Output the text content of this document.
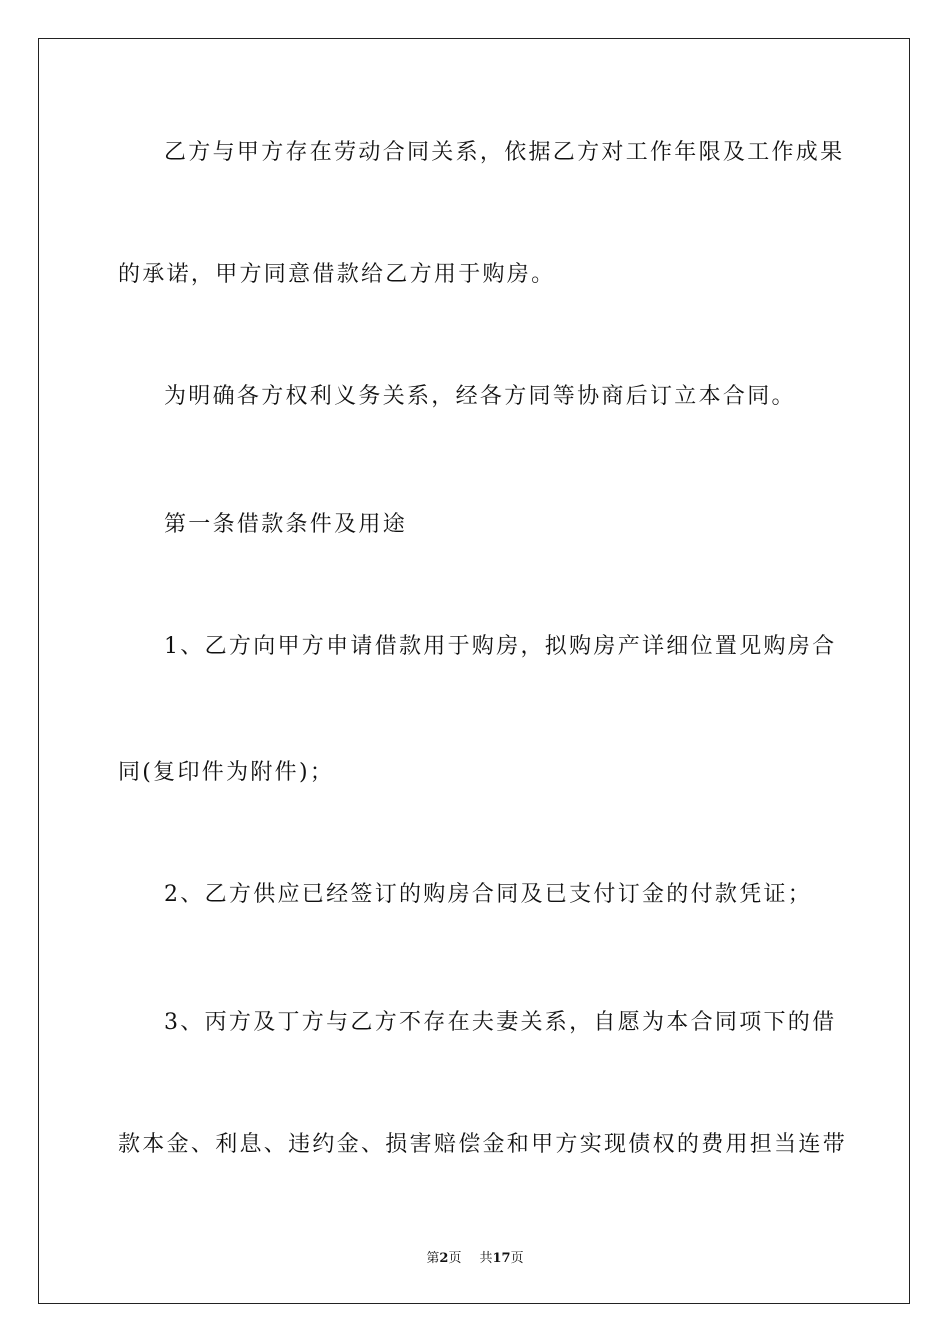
乙方与甲方存在劳动合同关系，依据乙方对工作年限及工作成果
的承诺，甲方同意借款给乙方用于购房。
为明确各方权利义务关系，经各方同等协商后订立本合同。
第一条借款条件及用途
1、乙方向甲方申请借款用于购房，拟购房产详细位置见购房合
同(复印件为附件)；
2、乙方供应已经签订的购房合同及已支付订金的付款凭证；
3、丙方及丁方与乙方不存在夫妻关系，自愿为本合同项下的借
款本金、利息、违约金、损害赔偿金和甲方实现债权的费用担当连带
第2页 共17页
